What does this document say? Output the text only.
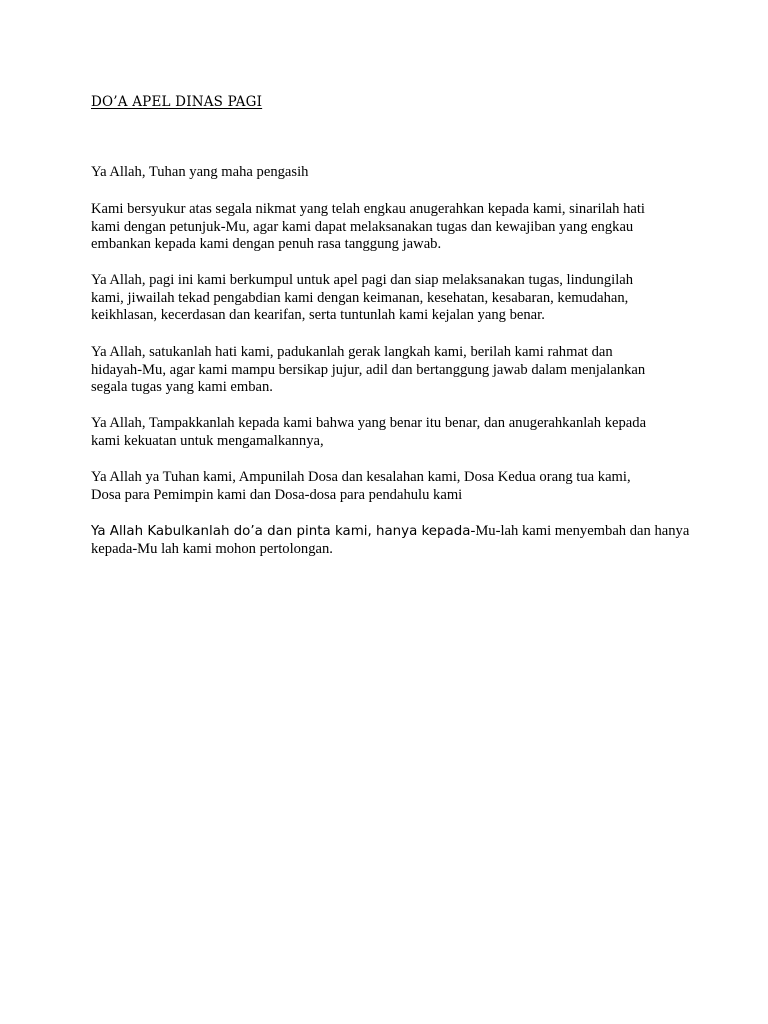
DO’A APEL DINAS PAGI

Ya Allah, Tuhan yang maha pengasih

Kami bersyukur atas segala nikmat yang telah engkau anugerahkan kepada kami, sinarilah hati
kami dengan petunjuk-Mu, agar kami dapat melaksanakan tugas dan kewajiban yang engkau
embankan kepada kami dengan penuh rasa tanggung jawab.

Ya Allah, pagi ini kami berkumpul untuk apel pagi dan siap melaksanakan tugas, lindungilah
kami, jiwailah tekad pengabdian kami dengan keimanan, kesehatan, kesabaran, kemudahan,
keikhlasan, kecerdasan dan kearifan, serta tuntunlah kami kejalan yang benar.

Ya Allah, satukanlah hati kami, padukanlah gerak langkah kami, berilah kami rahmat dan
hidayah-Mu, agar kami mampu bersikap jujur, adil dan bertanggung jawab dalam menjalankan
segala tugas yang kami emban.

Ya Allah, Tampakkanlah kepada kami bahwa yang benar itu benar, dan anugerahkanlah kepada
kami kekuatan untuk mengamalkannya,

Ya Allah ya Tuhan kami, Ampunilah Dosa dan kesalahan kami, Dosa Kedua orang tua kami,
Dosa para Pemimpin kami dan Dosa-dosa para pendahulu kami

Ya Allah Kabulkanlah do’a dan pinta kami, hanya kepada-Mu-lah kami menyembah dan hanya
kepada-Mu lah kami mohon pertolongan.
